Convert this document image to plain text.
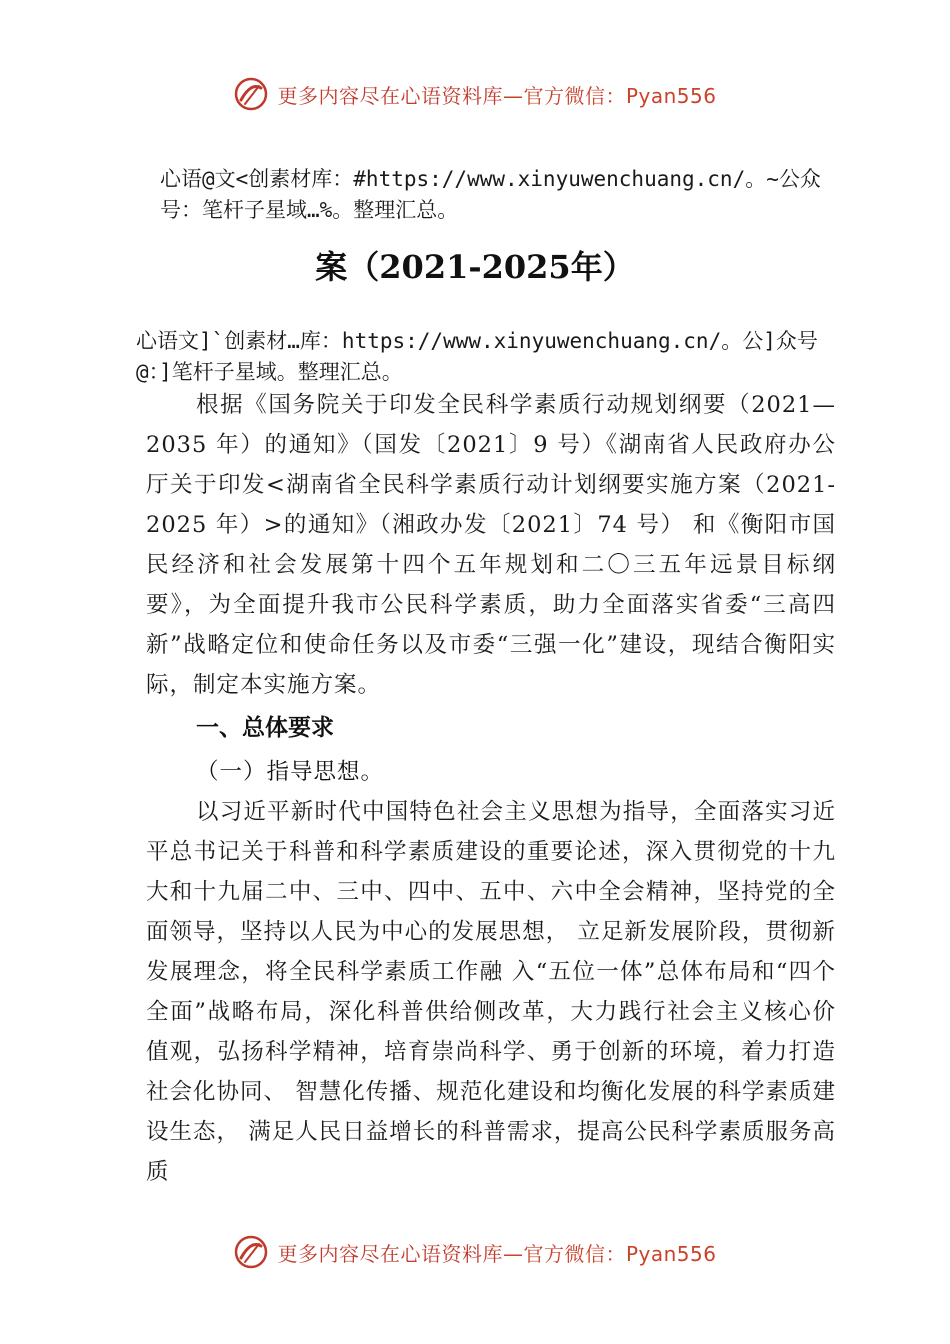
更多内容尽在心语资料库—官方微信：Pyan556
心语@文<创素材库：#https://www.xinyuwenchuang.cn/。~公众号：笔杆子星域…%。整理汇总。
案（2021-2025年）
心语文]`创素材…库：https://www.xinyuwenchuang.cn/。公]众号@：]笔杆子星域。整理汇总。
根据《国务院关于印发全民科学素质行动规划纲要（2021—2035 年）的通知》（国发〔2021〕9 号）《湖南省人民政府办公厅关于印发<湖南省全民科学素质行动计划纲要实施方案（2021-2025 年）>的通知》（湘政办发〔2021〕74 号） 和《衡阳市国民经济和社会发展第十四个五年规划和二〇三五年远景目标纲要》，为全面提升我市公民科学素质，助力全面落实省委“三高四新”战略定位和使命任务以及市委“三强一化”建设，现结合衡阳实际，制定本实施方案。
一、总体要求
（一）指导思想。
以习近平新时代中国特色社会主义思想为指导，全面落实习近平总书记关于科普和科学素质建设的重要论述，深入贯彻党的十九大和十九届二中、三中、四中、五中、六中全会精神，坚持党的全面领导，坚持以人民为中心的发展思想， 立足新发展阶段，贯彻新发展理念，将全民科学素质工作融 入“五位一体”总体布局和“四个全面”战略布局，深化科普供给侧改革，大力践行社会主义核心价值观，弘扬科学精神，培育崇尚科学、勇于创新的环境，着力打造社会化协同、 智慧化传播、规范化建设和均衡化发展的科学素质建设生态， 满足人民日益增长的科普需求，提高公民科学素质服务高质
更多内容尽在心语资料库—官方微信：Pyan556
